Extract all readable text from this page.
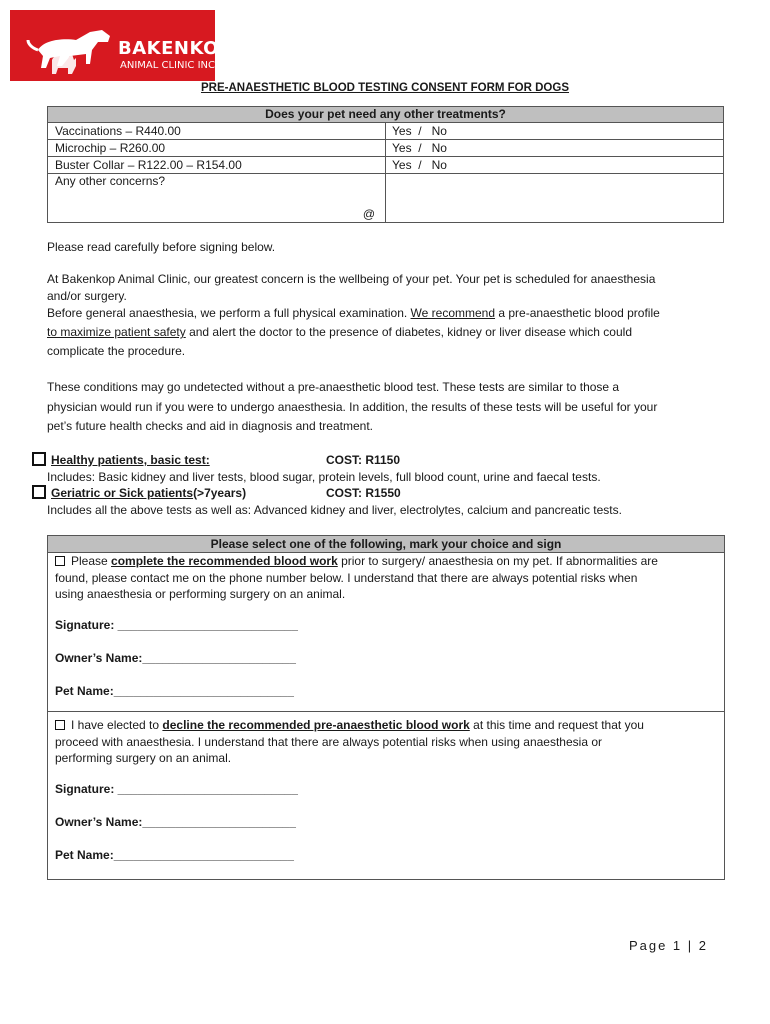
BAKENKOP
ANIMAL CLINIC INC.
PRE-ANAESTHETIC BLOOD TESTING CONSENT FORM FOR DOGS
Does your pet need any other treatments?	
Vaccinations – R440.00	Yes  /   No
Microchip – R260.00	Yes  /   No
Buster Collar – R122.00 – R154.00	Yes  /   No
Any other concerns?
@	

Please read carefully before signing below.
At Bakenkop Animal Clinic, our greatest concern is the wellbeing of your pet. Your pet is scheduled for anaesthesia
and/or surgery.
Before general anaesthesia, we perform a full physical examination. We recommend a pre-anaesthetic blood profile
to maximize patient safety and alert the doctor to the presence of diabetes, kidney or liver disease which could
complicate the procedure.
These conditions may go undetected without a pre-anaesthetic blood test. These tests are similar to those a
physician would run if you were to undergo anaesthesia. In addition, the results of these tests will be useful for your
pet’s future health checks and aid in diagnosis and treatment.
Healthy patients, basic test:	COST: R1150
Includes: Basic kidney and liver tests, blood sugar, protein levels, full blood count, urine and faecal tests.
Geriatric or Sick patients(>7years)	COST: R1550
Includes all the above tests as well as: Advanced kidney and liver, electrolytes, calcium and pancreatic tests.
Please select one of the following, mark your choice and sign
Please complete the recommended blood work prior to surgery/ anaesthesia on my pet. If abnormalities are
found, please contact me on the phone number below. I understand that there are always potential risks when
using anaesthesia or performing surgery on an animal.
Signature: ___________________________
Owner’s Name:_______________________
Pet Name:___________________________
I have elected to decline the recommended pre-anaesthetic blood work at this time and request that you
proceed with anaesthesia. I understand that there are always potential risks when using anaesthesia or
performing surgery on an animal.
Signature: ___________________________
Owner’s Name:_______________________
Pet Name:___________________________
Page 1 | 2
